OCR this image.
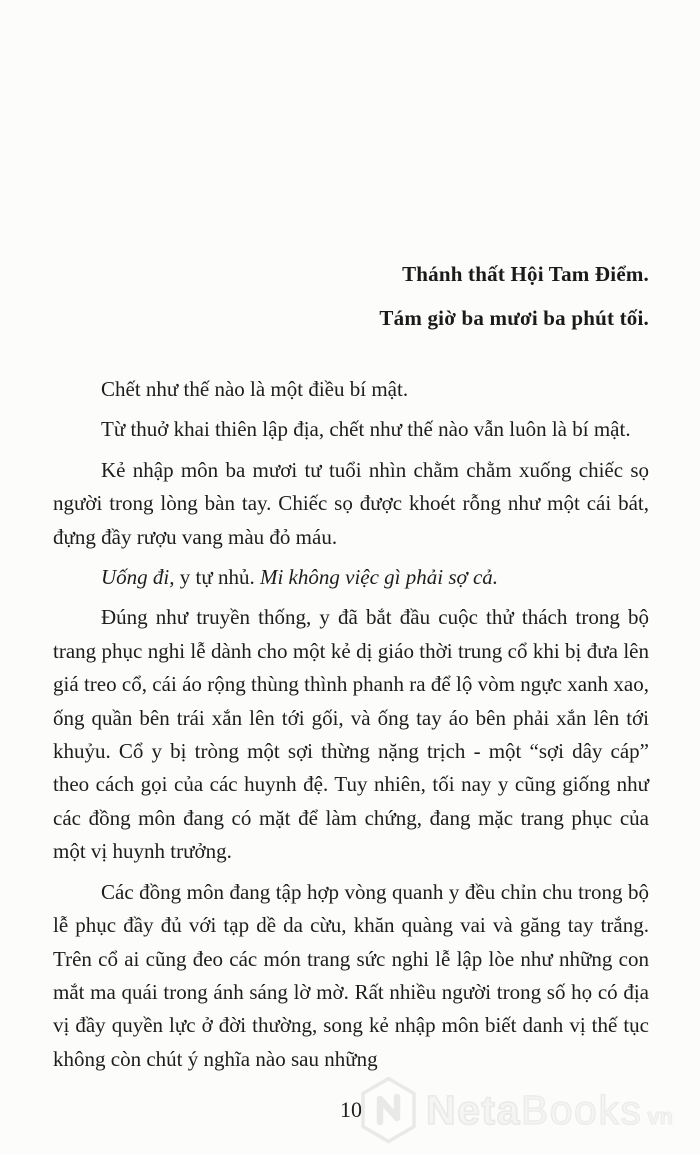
Thánh thất Hội Tam Điểm.
Tám giờ ba mươi ba phút tối.

Chết như thế nào là một điều bí mật.

Từ thuở khai thiên lập địa, chết như thế nào vẫn luôn là bí mật.

Kẻ nhập môn ba mươi tư tuổi nhìn chằm chằm xuống chiếc sọ người trong lòng bàn tay. Chiếc sọ được khoét rỗng như một cái bát, đựng đầy rượu vang màu đỏ máu.

Uống đi, y tự nhủ. Mi không việc gì phải sợ cả.

Đúng như truyền thống, y đã bắt đầu cuộc thử thách trong bộ trang phục nghi lễ dành cho một kẻ dị giáo thời trung cổ khi bị đưa lên giá treo cổ, cái áo rộng thùng thình phanh ra để lộ vòm ngực xanh xao, ống quần bên trái xắn lên tới gối, và ống tay áo bên phải xắn lên tới khuỷu. Cổ y bị tròng một sợi thừng nặng trịch - một “sợi dây cáp” theo cách gọi của các huynh đệ. Tuy nhiên, tối nay y cũng giống như các đồng môn đang có mặt để làm chứng, đang mặc trang phục của một vị huynh trưởng.

Các đồng môn đang tập hợp vòng quanh y đều chỉn chu trong bộ lễ phục đầy đủ với tạp dề da cừu, khăn quàng vai và găng tay trắng. Trên cổ ai cũng đeo các món trang sức nghi lễ lập lòe như những con mắt ma quái trong ánh sáng lờ mờ. Rất nhiều người trong số họ có địa vị đầy quyền lực ở đời thường, song kẻ nhập môn biết danh vị thế tục không còn chút ý nghĩa nào sau những

10	NetaBooks vn
